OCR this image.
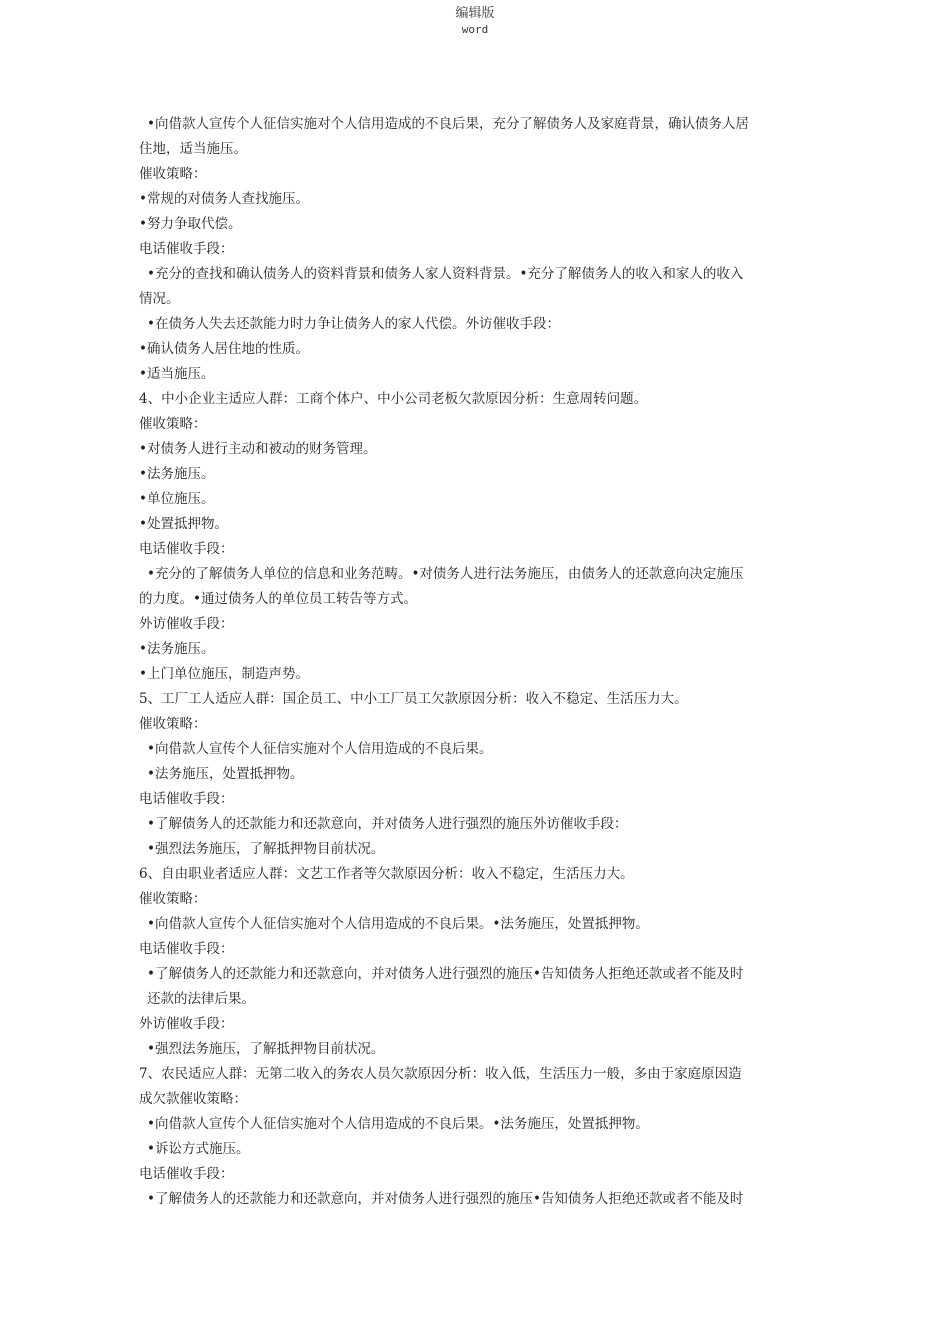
编辑版
word
•向借款人宣传个人征信实施对个人信用造成的不良后果，充分了解债务人及家庭背景，确认债务人居
住地，适当施压。
催收策略：
•常规的对债务人查找施压。
•努力争取代偿。
电话催收手段：
•充分的查找和确认债务人的资料背景和债务人家人资料背景。•充分了解债务人的收入和家人的收入
情况。
•在债务人失去还款能力时力争让债务人的家人代偿。外访催收手段：
•确认债务人居住地的性质。
•适当施压。
4、中小企业主适应人群：工商个体户、中小公司老板欠款原因分析：生意周转问题。
催收策略：
•对债务人进行主动和被动的财务管理。
•法务施压。
•单位施压。
•处置抵押物。
电话催收手段：
•充分的了解债务人单位的信息和业务范畴。•对债务人进行法务施压，由债务人的还款意向决定施压
的力度。•通过债务人的单位员工转告等方式。
外访催收手段：
•法务施压。
•上门单位施压，制造声势。
5、工厂工人适应人群：国企员工、中小工厂员工欠款原因分析：收入不稳定、生活压力大。
催收策略：
•向借款人宣传个人征信实施对个人信用造成的不良后果。
•法务施压，处置抵押物。
电话催收手段：
•了解债务人的还款能力和还款意向，并对债务人进行强烈的施压外访催收手段：
•强烈法务施压，了解抵押物目前状况。
6、自由职业者适应人群：文艺工作者等欠款原因分析：收入不稳定，生活压力大。
催收策略：
•向借款人宣传个人征信实施对个人信用造成的不良后果。•法务施压，处置抵押物。
电话催收手段：
•了解债务人的还款能力和还款意向，并对债务人进行强烈的施压•告知债务人拒绝还款或者不能及时
还款的法律后果。
外访催收手段：
•强烈法务施压，了解抵押物目前状况。
7、农民适应人群：无第二收入的务农人员欠款原因分析：收入低，生活压力一般，多由于家庭原因造
成欠款催收策略：
•向借款人宣传个人征信实施对个人信用造成的不良后果。•法务施压，处置抵押物。
•诉讼方式施压。
电话催收手段：
•了解债务人的还款能力和还款意向，并对债务人进行强烈的施压•告知债务人拒绝还款或者不能及时
